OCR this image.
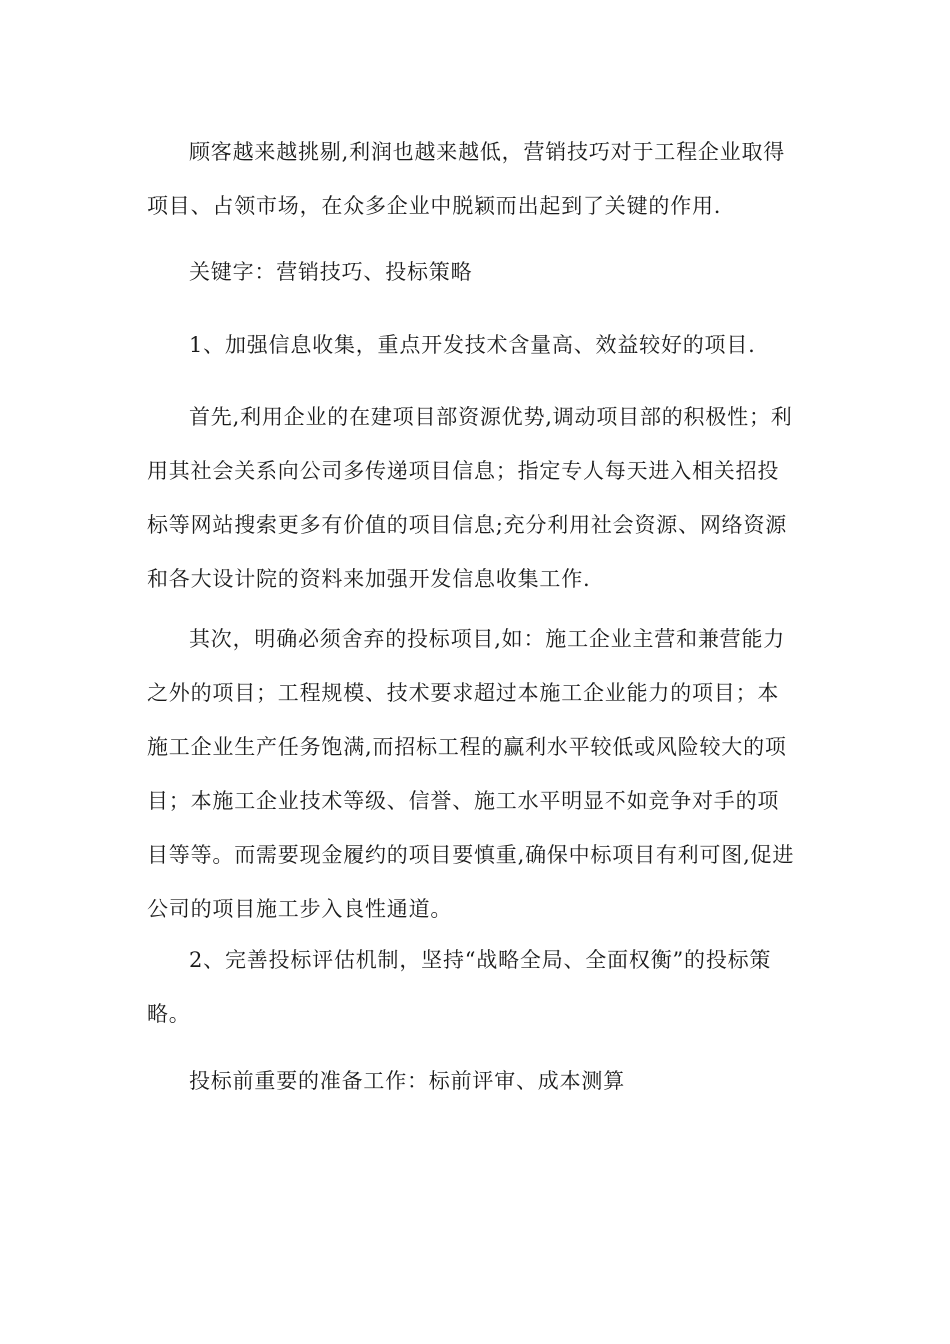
顾客越来越挑剔,利润也越来越低，营销技巧对于工程企业取得
项目、占领市场，在众多企业中脱颖而出起到了关键的作用.
关键字：营销技巧、投标策略
1、加强信息收集，重点开发技术含量高、效益较好的项目.
首先,利用企业的在建项目部资源优势,调动项目部的积极性；利
用其社会关系向公司多传递项目信息；指定专人每天进入相关招投
标等网站搜索更多有价值的项目信息;充分利用社会资源、网络资源
和各大设计院的资料来加强开发信息收集工作.
其次，明确必须舍弃的投标项目,如：施工企业主营和兼营能力
之外的项目；工程规模、技术要求超过本施工企业能力的项目；本
施工企业生产任务饱满,而招标工程的赢利水平较低或风险较大的项
目；本施工企业技术等级、信誉、施工水平明显不如竞争对手的项
目等等。而需要现金履约的项目要慎重,确保中标项目有利可图,促进
公司的项目施工步入良性通道。
2、完善投标评估机制，坚持“战略全局、全面权衡”的投标策
略。
投标前重要的准备工作：标前评审、成本测算
